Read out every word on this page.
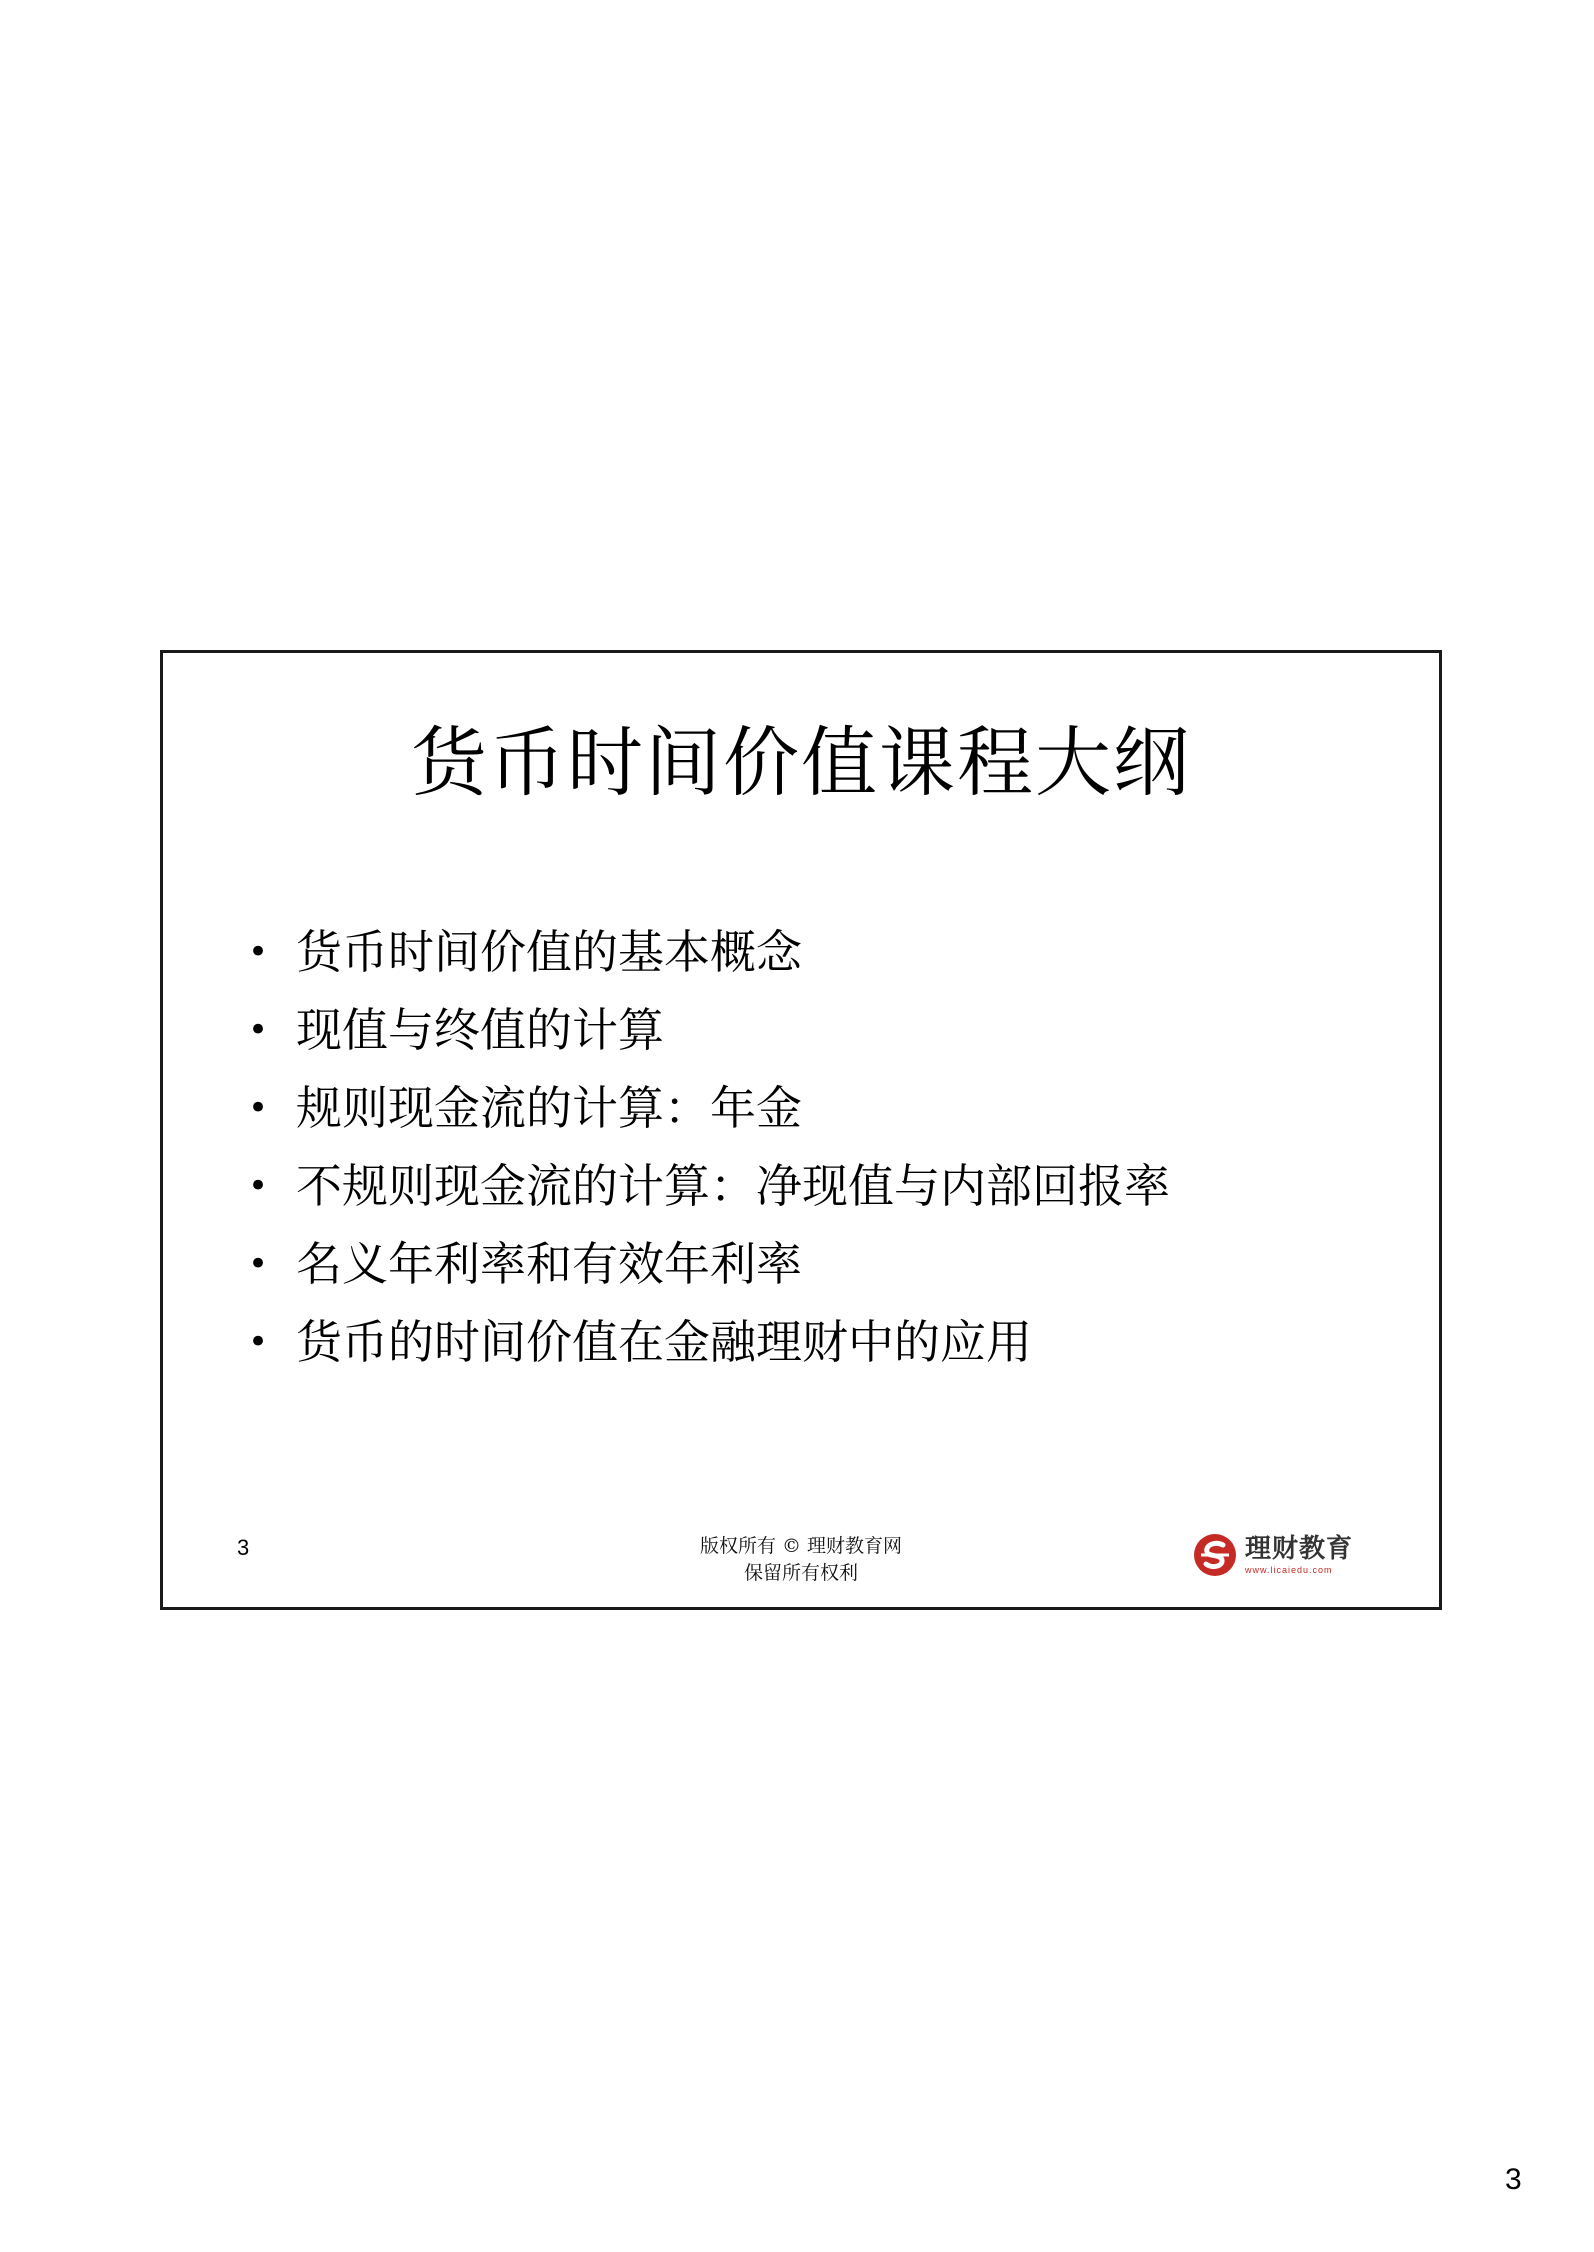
货币时间价值课程大纲
• 货币时间价值的基本概念
• 现值与终值的计算
• 规则现金流的计算：年金
• 不规则现金流的计算：净现值与内部回报率
• 名义年利率和有效年利率
• 货币的时间价值在金融理财中的应用
3	版权所有 © 理财教育网
保留所有权利
理财教育
www.licaiedu.com
3
